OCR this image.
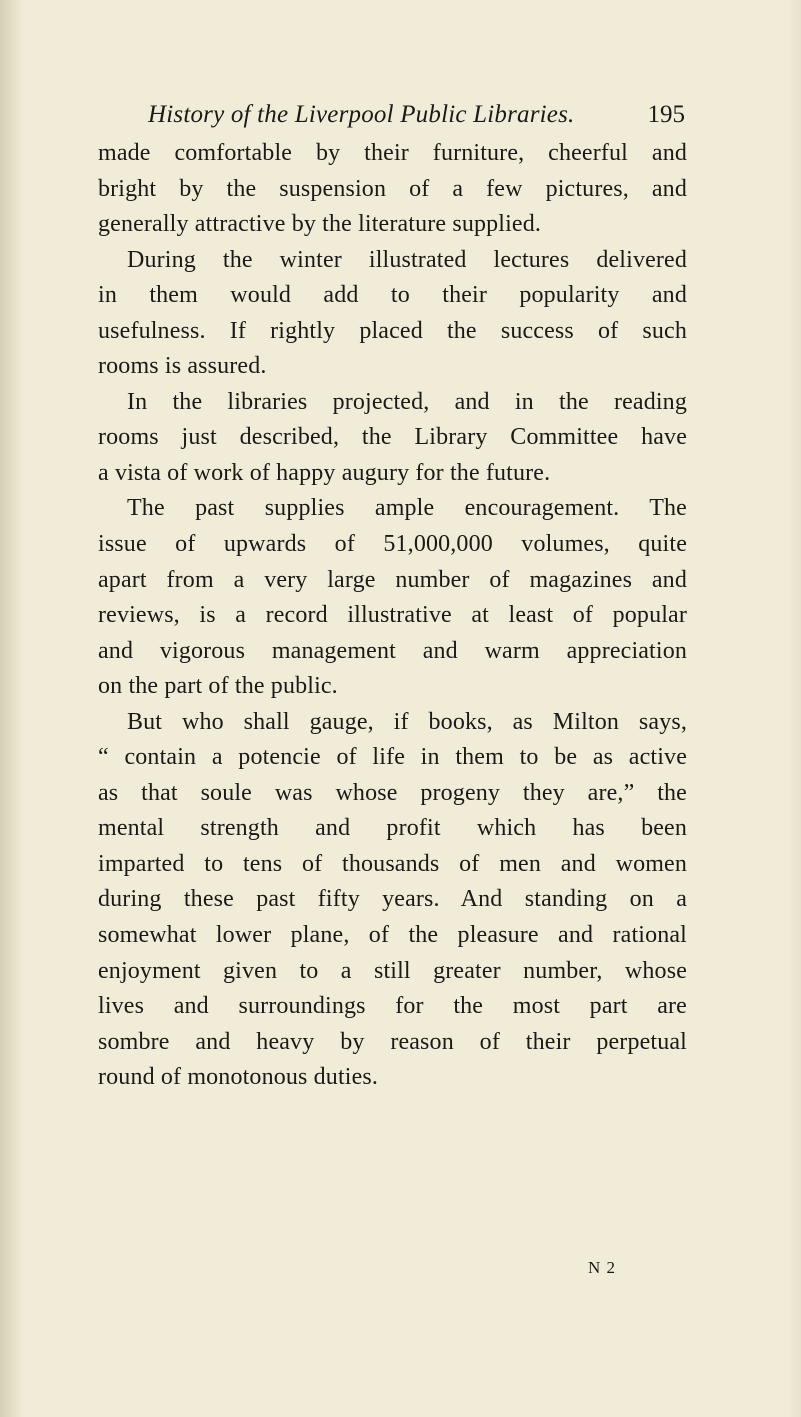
History of the Liverpool Public Libraries.	195
made comfortable by their furniture, cheerful and
bright by the suspension of a few pictures, and
generally attractive by the literature supplied.
During the winter illustrated lectures delivered
in them would add to their popularity and
usefulness. If rightly placed the success of such
rooms is assured.
In the libraries projected, and in the reading
rooms just described, the Library Committee have
a vista of work of happy augury for the future.
The past supplies ample encouragement. The
issue of upwards of 51,000,000 volumes, quite
apart from a very large number of magazines and
reviews, is a record illustrative at least of popular
and vigorous management and warm appreciation
on the part of the public.
But who shall gauge, if books, as Milton says,
“ contain a potencie of life in them to be as active
as that soule was whose progeny they are,” the
mental strength and profit which has been
imparted to tens of thousands of men and women
during these past fifty years. And standing on a
somewhat lower plane, of the pleasure and rational
enjoyment given to a still greater number, whose
lives and surroundings for the most part are
sombre and heavy by reason of their perpetual
round of monotonous duties.
N 2
